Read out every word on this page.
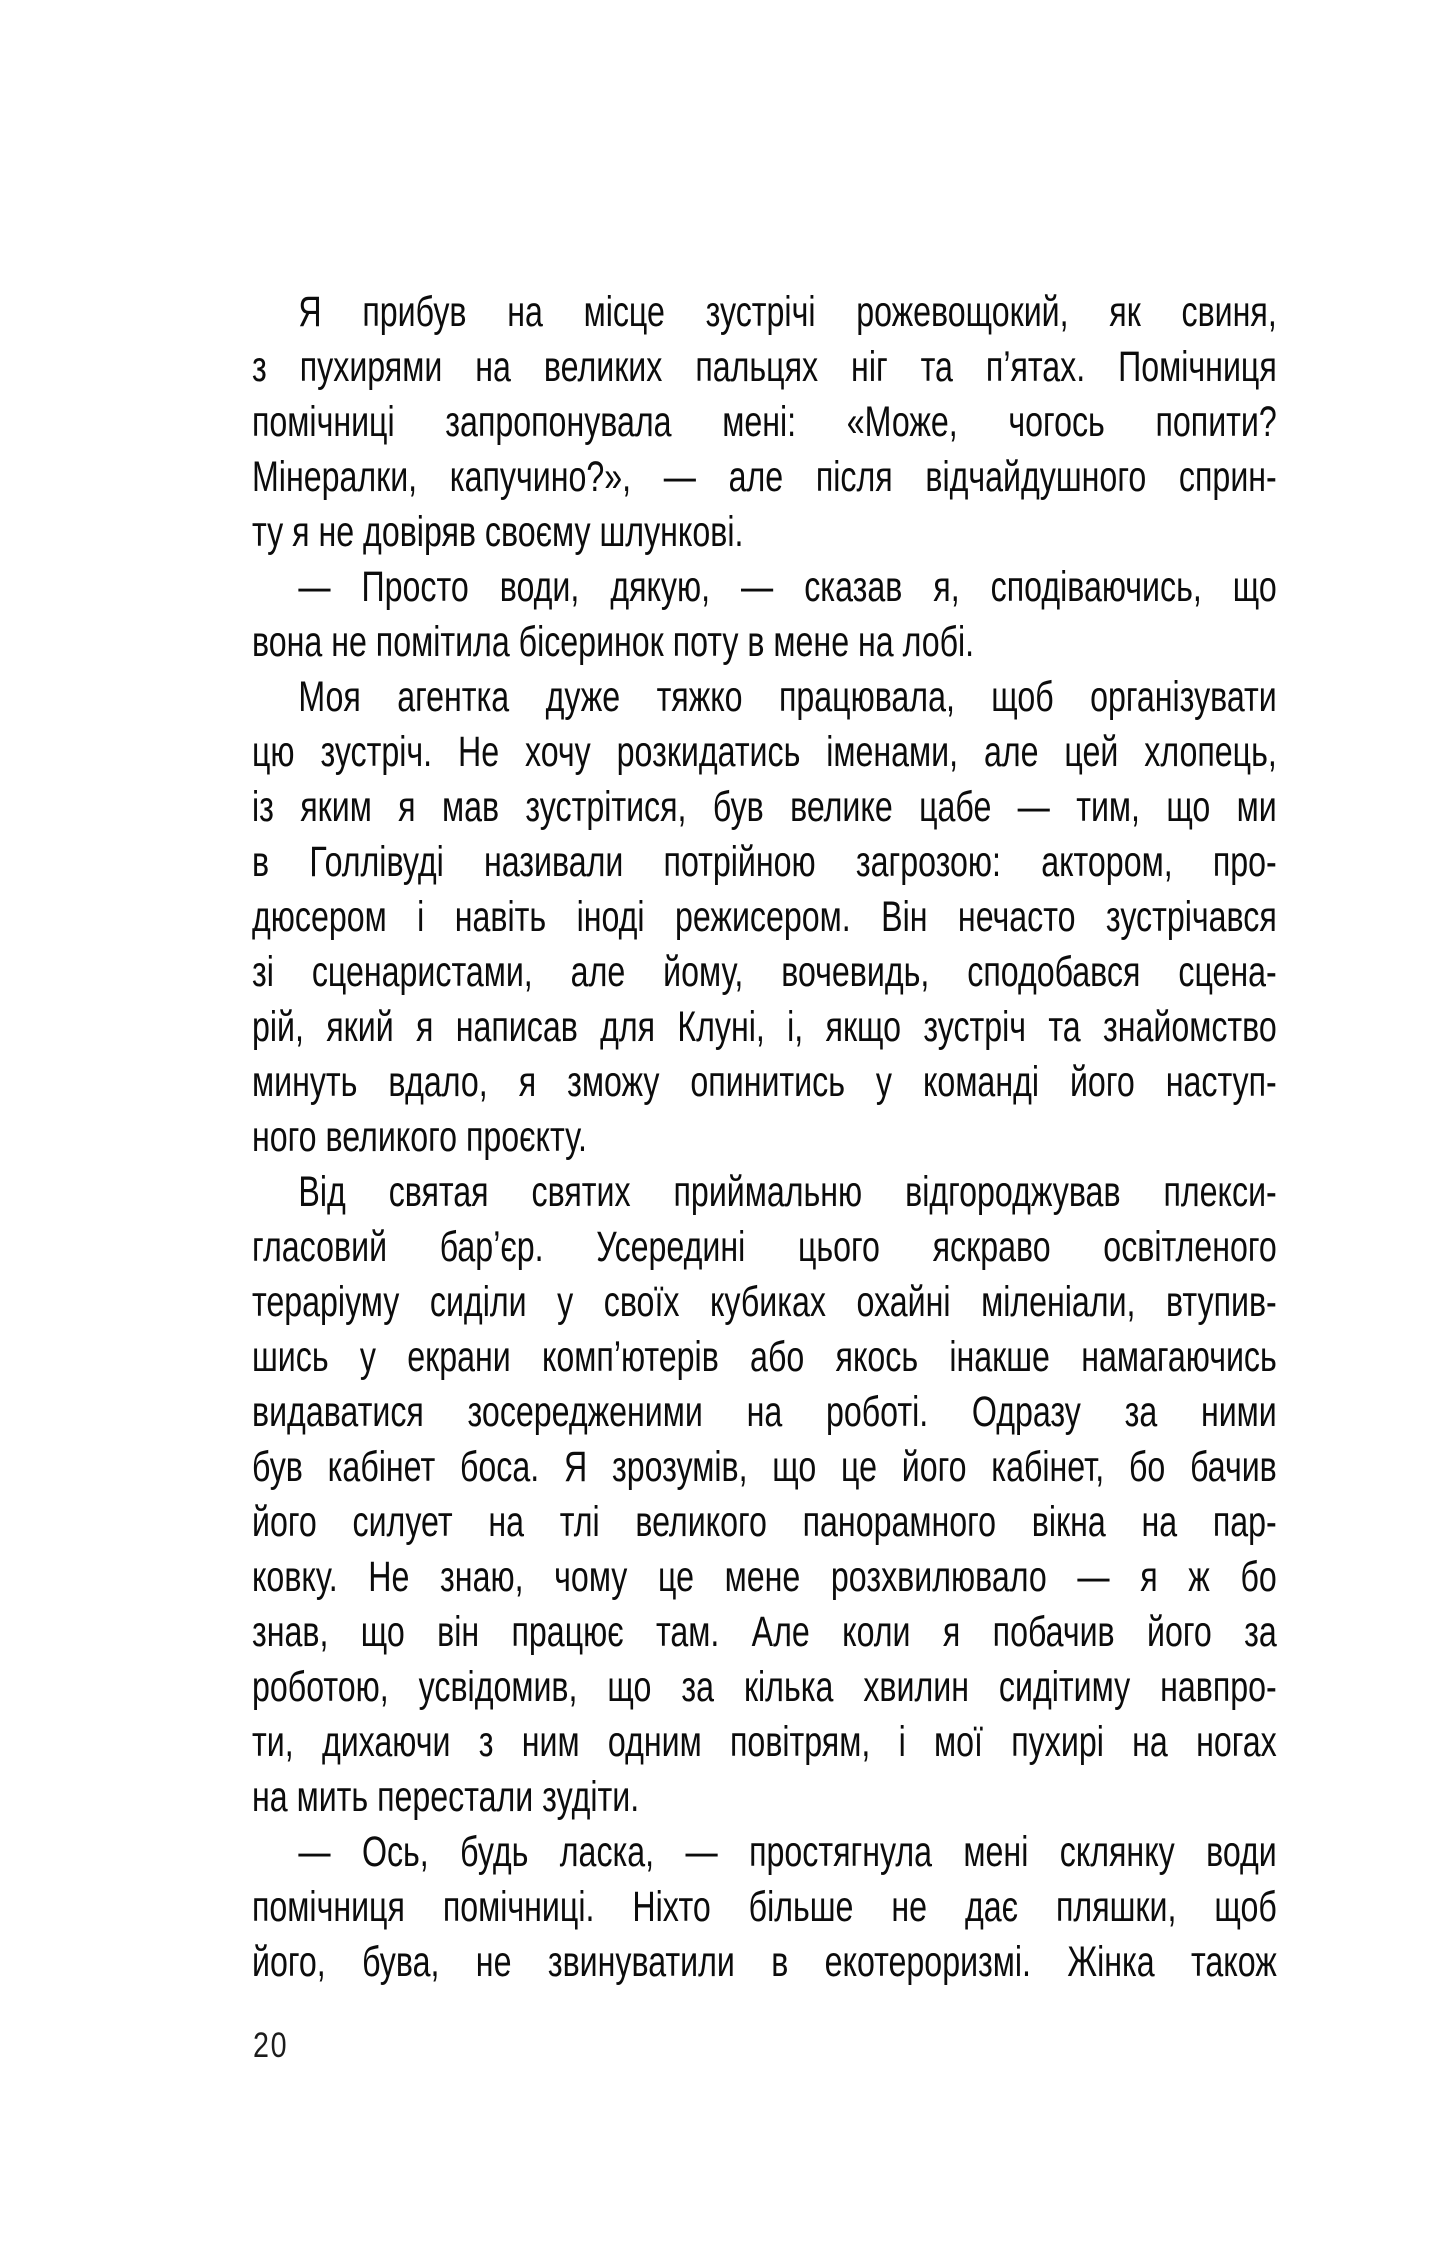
Я прибув на місце зустрічі рожевощокий, як свиня,
з пухирями на великих пальцях ніг та п’ятах. Помічниця
помічниці запропонувала мені: «Може, чогось попити?
Мінералки, капучино?», — але після відчайдушного сприн-
ту я не довіряв своєму шлункові.
— Просто води, дякую, — сказав я, сподіваючись, що
вона не помітила бісеринок поту в мене на лобі.
Моя агентка дуже тяжко працювала, щоб організувати
цю зустріч. Не хочу розкидатись іменами, але цей хлопець,
із яким я мав зустрітися, був велике цабе — тим, що ми
в Голлівуді називали потрійною загрозою: актором, про-
дюсером і навіть іноді режисером. Він нечасто зустрічався
зі сценаристами, але йому, вочевидь, сподобався сцена-
рій, який я написав для Клуні, і, якщо зустріч та знайомство
минуть вдало, я зможу опинитись у команді його наступ-
ного великого проєкту.
Від святая святих приймальню відгороджував плекси-
гласовий бар’єр. Усередині цього яскраво освітленого
тераріуму сиділи у своїх кубиках охайні міленіали, втупив-
шись у екрани комп’ютерів або якось інакше намагаючись
видаватися зосередженими на роботі. Одразу за ними
був кабінет боса. Я зрозумів, що це його кабінет, бо бачив
його силует на тлі великого панорамного вікна на пар-
ковку. Не знаю, чому це мене розхвилювало — я ж бо
знав, що він працює там. Але коли я побачив його за
роботою, усвідомив, що за кілька хвилин сидітиму навпро-
ти, дихаючи з ним одним повітрям, і мої пухирі на ногах
на мить перестали зудіти.
— Ось, будь ласка, — простягнула мені склянку води
помічниця помічниці. Ніхто більше не дає пляшки, щоб
його, бува, не звинуватили в екотероризмі. Жінка також
20
